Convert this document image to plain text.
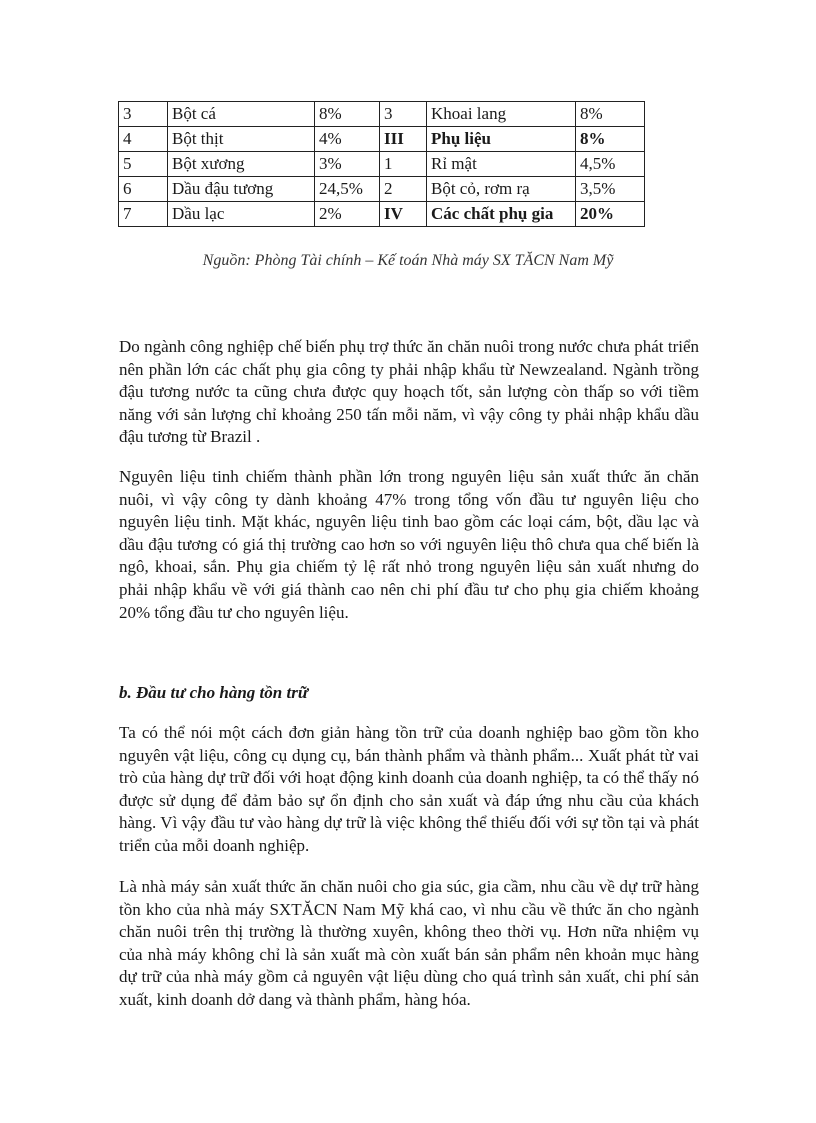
3	Bột cá	8%	3	Khoai lang	8%
4	Bột thịt	4%	III	Phụ liệu	8%
5	Bột xương	3%	1	Rỉ mật	4,5%
6	Dầu đậu tương	24,5%	2	Bột cỏ, rơm rạ	3,5%
7	Dầu lạc	2%	IV	Các chất phụ gia	20%
Nguồn: Phòng Tài chính – Kế toán Nhà máy SX TĂCN Nam Mỹ

Do ngành công nghiệp chế biến phụ trợ thức ăn chăn nuôi trong nước chưa phát triển nên phần lớn các chất phụ gia công ty phải nhập khẩu từ Newzealand. Ngành trồng đậu tương nước ta cũng chưa được quy hoạch tốt, sản lượng còn thấp so với tiềm năng với sản lượng chỉ khoảng 250 tấn mỗi năm, vì vậy công ty phải nhập khẩu dầu đậu tương từ Brazil .

Nguyên liệu tinh chiếm thành phần lớn trong nguyên liệu sản xuất thức ăn chăn nuôi, vì vậy công ty dành khoảng 47% trong tổng vốn đầu tư nguyên liệu cho nguyên liệu tinh. Mặt khác, nguyên liệu tinh bao gồm các loại cám, bột, dầu lạc và dầu đậu tương có giá thị trường cao hơn so với nguyên liệu thô chưa qua chế biến là ngô, khoai, sắn. Phụ gia chiếm tỷ lệ rất nhỏ trong nguyên liệu sản xuất nhưng do phải nhập khẩu về với giá thành cao nên chi phí đầu tư cho phụ gia chiếm khoảng 20% tổng đầu tư cho nguyên liệu.

b. Đầu tư cho hàng tồn trữ

Ta có thể nói một cách đơn giản hàng tồn trữ của doanh nghiệp bao gồm tồn kho nguyên vật liệu, công cụ dụng cụ, bán thành phẩm và thành phẩm... Xuất phát từ vai trò của hàng dự trữ đối với hoạt động kinh doanh của doanh nghiệp, ta có thể thấy nó được sử dụng để đảm bảo sự ổn định cho sản xuất và đáp ứng nhu cầu của khách hàng. Vì vậy đầu tư vào hàng dự trữ là việc không thể thiếu đối với sự tồn tại và phát triển của mỗi doanh nghiệp.

Là nhà máy sản xuất thức ăn chăn nuôi cho gia súc, gia cầm, nhu cầu về dự trữ hàng tồn kho của nhà máy SXTĂCN Nam Mỹ khá cao, vì nhu cầu về thức ăn cho ngành chăn nuôi trên thị trường là thường xuyên, không theo thời vụ. Hơn nữa nhiệm vụ của nhà máy không chỉ là sản xuất mà còn xuất bán sản phẩm nên khoản mục hàng dự trữ của nhà máy gồm cả nguyên vật liệu dùng cho quá trình sản xuất, chi phí sản xuất, kinh doanh dở dang và thành phẩm, hàng hóa.
